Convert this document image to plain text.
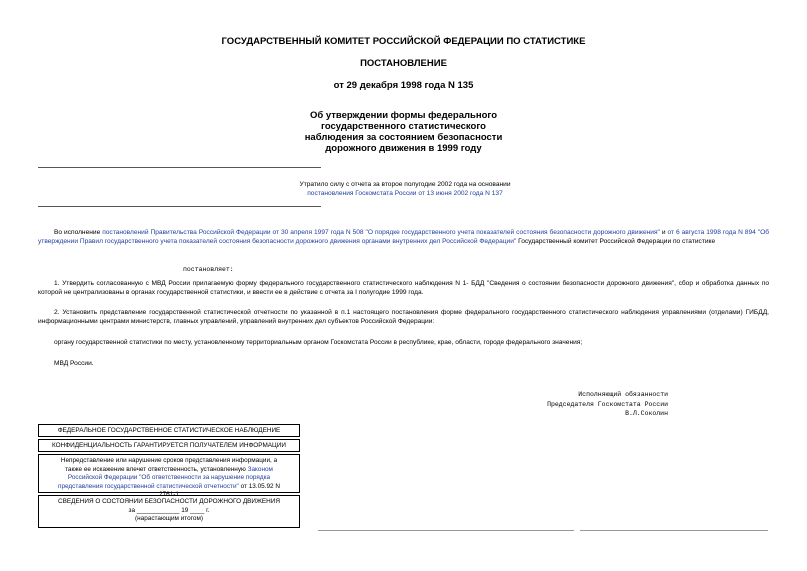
ГОСУДАРСТВЕННЫЙ КОМИТЕТ РОССИЙСКОЙ ФЕДЕРАЦИИ ПО СТАТИСТИКЕ
ПОСТАНОВЛЕНИЕ
от 29 декабря 1998 года N 135
Об утверждении формы федерального
государственного статистического
наблюдения за состоянием безопасности
дорожного движения в 1999 году
Утратило силу с отчета за второе полугодие 2002 года на основании
постановления Госкомстата России от 13 июня 2002 года N 137
Во исполнение постановлений Правительства Российской Федерации от 30 апреля 1997 года N 508 "О порядке государственного учета показателей состояния безопасности дорожного движения" и от 6 августа 1998 года N 894 "Об утверждении Правил государственного учета показателей состояния безопасности дорожного движения органами внутренних дел Российской Федерации" Государственный комитет Российской Федерации по статистике
постановляет:
1. Утвердить согласованную с МВД России прилагаемую форму федерального государственного статистического наблюдения N 1- БДД "Сведения о состоянии безопасности дорожного движения", сбор и обработка данных по которой не централизованы в органах государственной статистики, и ввести ее в действие с отчета за I полугодие 1999 года.
2. Установить представление государственной статистической отчетности по указанной в п.1 настоящего постановления форме федерального государственного статистического наблюдения управлениями (отделами) ГИБДД, информационными центрами министерств, главных управлений, управлений внутренних дел субъектов Российской Федерации:
органу государственной статистики по месту, установленному территориальным органом Госкомстата России в республике, крае, области, городе федерального значения;
МВД России.
Исполняющий обязанности
Председателя Госкомстата России
В.Л.Соколин
ФЕДЕРАЛЬНОЕ ГОСУДАРСТВЕННОЕ СТАТИСТИЧЕСКОЕ НАБЛЮДЕНИЕ
КОНФИДЕНЦИАЛЬНОСТЬ ГАРАНТИРУЕТСЯ ПОЛУЧАТЕЛЕМ ИНФОРМАЦИИ
Непредставление или нарушение сроков представления информации, а также ее искажение влечет ответственность, установленную Законом Российской Федерации "Об ответственности за нарушение порядка представления государственной статистической отчетности" от 13.05.92 N 2761-1
СВЕДЕНИЯ О СОСТОЯНИИ БЕЗОПАСНОСТИ ДОРОЖНОГО ДВИЖЕНИЯ
за ____________ 19 ____ г.
(нарастающим итогом)
